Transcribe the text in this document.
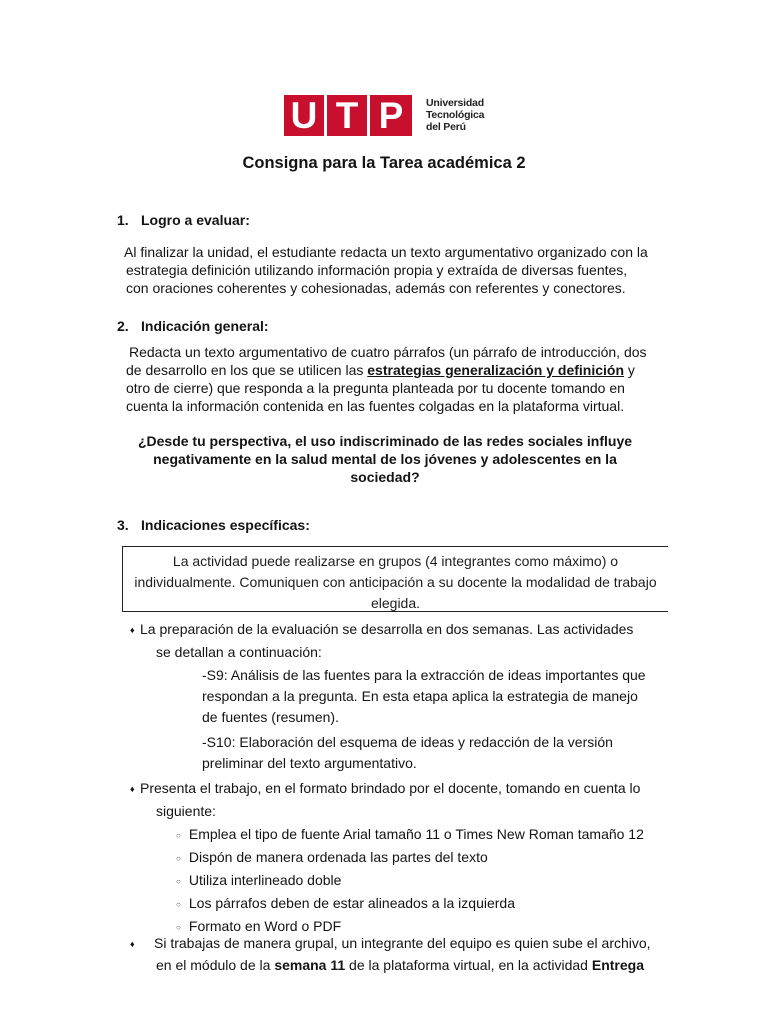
U T P	Universidad
Tecnológica
del Perú
Consigna para la Tarea académica 2
1. Logro a evaluar:

Al finalizar la unidad, el estudiante redacta un texto argumentativo organizado con la

estrategia definición utilizando información propia y extraída de diversas fuentes,

con oraciones coherentes y cohesionadas, además con referentes y conectores.

2. Indicación general:

Redacta un texto argumentativo de cuatro párrafos (un párrafo de introducción, dos

de desarrollo en los que se utilicen las estrategias generalización y definición y

otro de cierre) que responda a la pregunta planteada por tu docente tomando en

cuenta la información contenida en las fuentes colgadas en la plataforma virtual.

¿Desde tu perspectiva, el uso indiscriminado de las redes sociales influye
negativamente en la salud mental de los jóvenes y adolescentes en la
sociedad?
3. Indicaciones específicas:
La actividad puede realizarse en grupos (4 integrantes como máximo) o
individualmente. Comuniquen con anticipación a su docente la modalidad de trabajo
elegida.
♦ La preparación de la evaluación se desarrolla en dos semanas. Las actividades
se detallan a continuación:
-S9: Análisis de las fuentes para la extracción de ideas importantes que
respondan a la pregunta. En esta etapa aplica la estrategia de manejo
de fuentes (resumen).
-S10: Elaboración del esquema de ideas y redacción de la versión
preliminar del texto argumentativo.
♦ Presenta el trabajo, en el formato brindado por el docente, tomando en cuenta lo
siguiente:
○ Emplea el tipo de fuente Arial tamaño 11 o Times New Roman tamaño 12
○ Dispón de manera ordenada las partes del texto
○ Utiliza interlineado doble
○ Los párrafos deben de estar alineados a la izquierda
○ Formato en Word o PDF
♦ Si trabajas de manera grupal, un integrante del equipo es quien sube el archivo,
en el módulo de la semana 11 de la plataforma virtual, en la actividad Entrega
